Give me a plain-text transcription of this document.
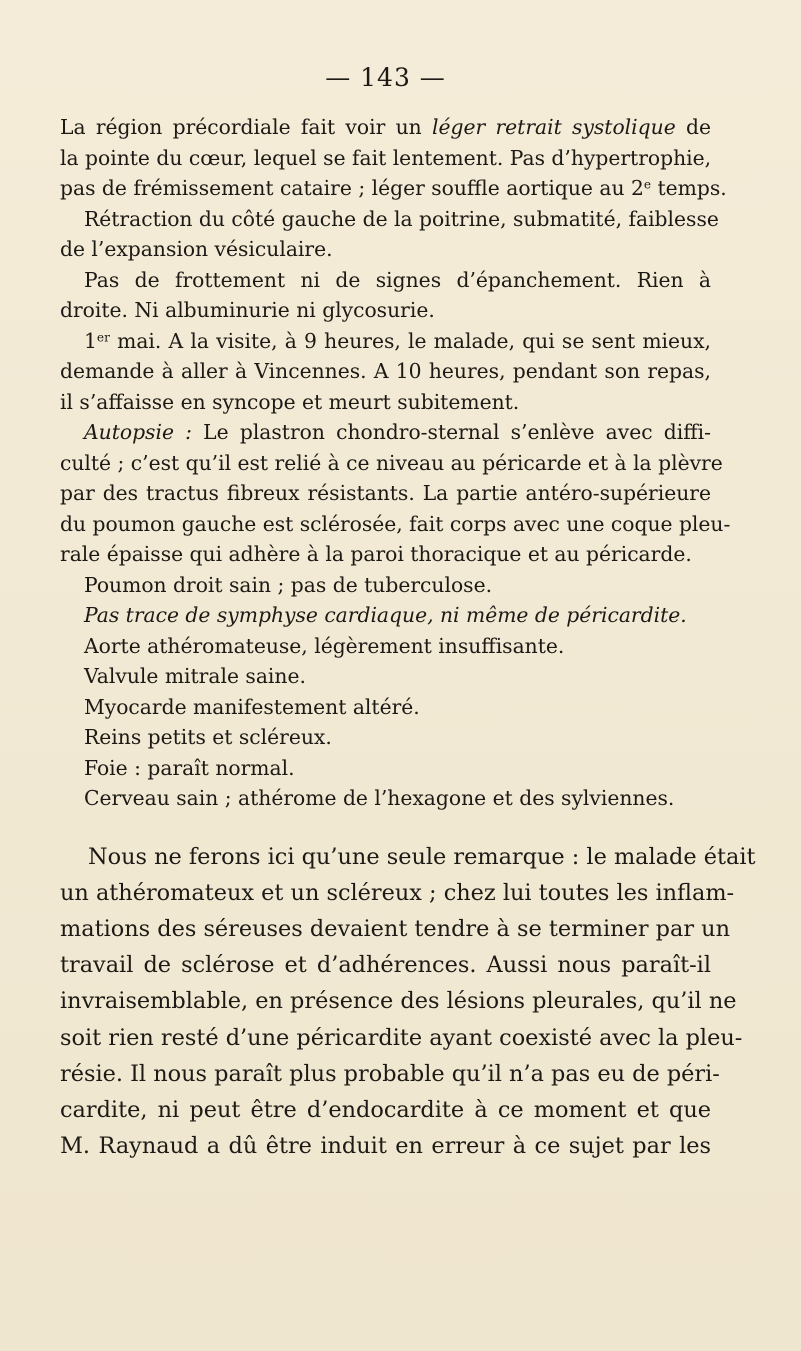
— 143 —
La région précordiale fait voir un léger retrait systolique de
la pointe du cœur, lequel se fait lentement. Pas d’hypertrophie,
pas de frémissement cataire ; léger souffle aortique au 2e temps.
Rétraction du côté gauche de la poitrine, submatité, faiblesse
de l’expansion vésiculaire.
Pas de frottement ni de signes d’épanchement. Rien à
droite. Ni albuminurie ni glycosurie.
1er mai. A la visite, à 9 heures, le malade, qui se sent mieux,
demande à aller à Vincennes. A 10 heures, pendant son repas,
il s’affaisse en syncope et meurt subitement.
Autopsie : Le plastron chondro-sternal s’enlève avec diffi-
culté ; c’est qu’il est relié à ce niveau au péricarde et à la plèvre
par des tractus fibreux résistants. La partie antéro-supérieure
du poumon gauche est sclérosée, fait corps avec une coque pleu-
rale épaisse qui adhère à la paroi thoracique et au péricarde.
Poumon droit sain ; pas de tuberculose.
Pas trace de symphyse cardiaque, ni même de péricardite.
Aorte athéromateuse, légèrement insuffisante.
Valvule mitrale saine.
Myocarde manifestement altéré.
Reins petits et scléreux.
Foie : paraît normal.
Cerveau sain ; athérome de l’hexagone et des sylviennes.
Nous ne ferons ici qu’une seule remarque : le malade était
un athéromateux et un scléreux ; chez lui toutes les inflam-
mations des séreuses devaient tendre à se terminer par un
travail de sclérose et d’adhérences. Aussi nous paraît-il
invraisemblable, en présence des lésions pleurales, qu’il ne
soit rien resté d’une péricardite ayant coexisté avec la pleu-
résie. Il nous paraît plus probable qu’il n’a pas eu de péri-
cardite, ni peut être d’endocardite à ce moment et que
M. Raynaud a dû être induit en erreur à ce sujet par les
